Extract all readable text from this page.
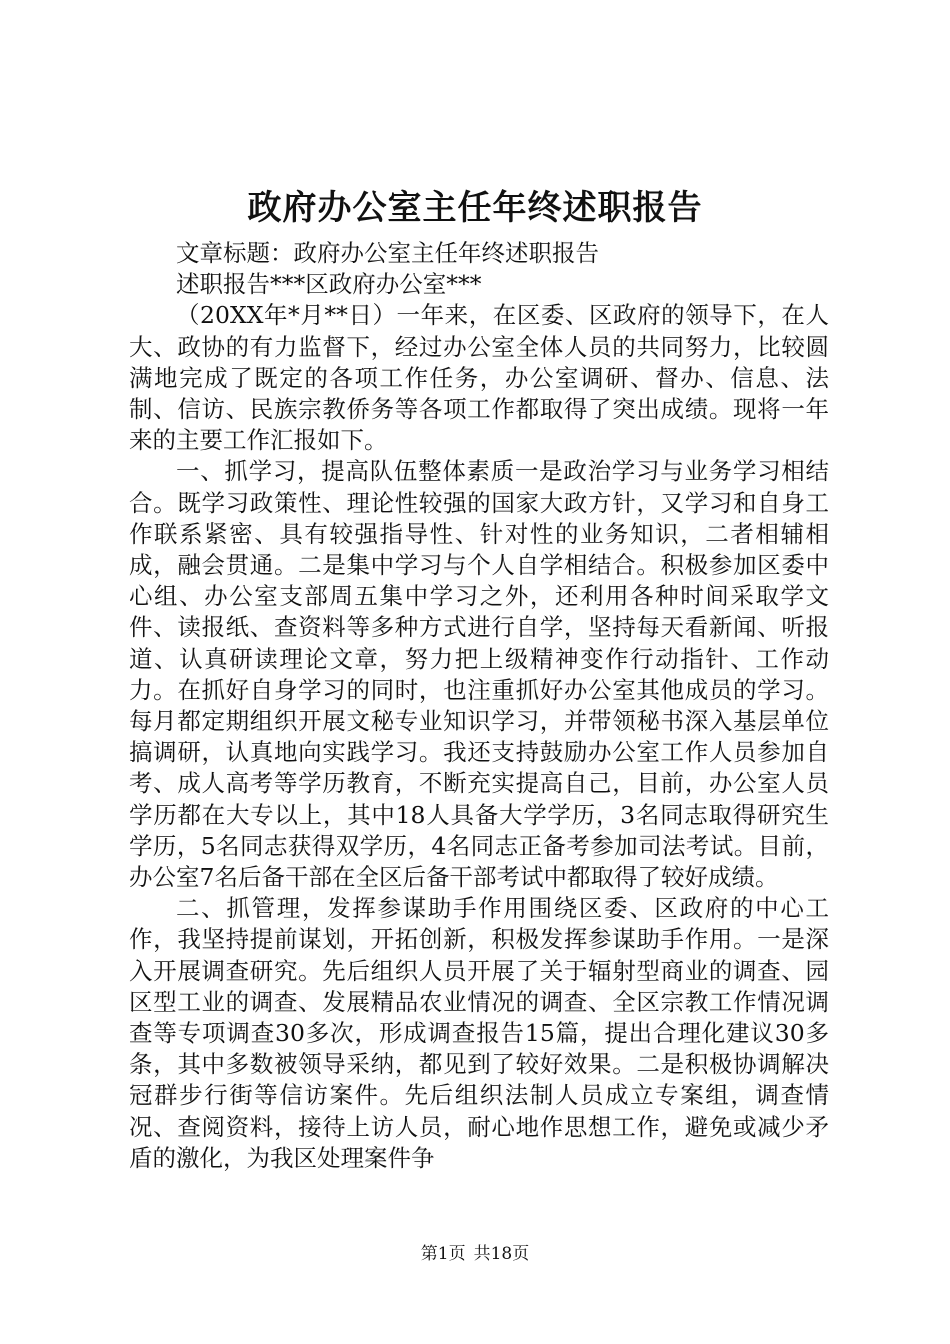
政府办公室主任年终述职报告

文章标题：政府办公室主任年终述职报告

述职报告***区政府办公室***

（20XX年*月**日）一年来，在区委、区政府的领导下，在人大、政协的有力监督下，经过办公室全体人员的共同努力，比较圆满地完成了既定的各项工作任务，办公室调研、督办、信息、法制、信访、民族宗教侨务等各项工作都取得了突出成绩。现将一年来的主要工作汇报如下。

一、抓学习，提高队伍整体素质一是政治学习与业务学习相结合。既学习政策性、理论性较强的国家大政方针，又学习和自身工作联系紧密、具有较强指导性、针对性的业务知识，二者相辅相成，融会贯通。二是集中学习与个人自学相结合。积极参加区委中心组、办公室支部周五集中学习之外，还利用各种时间采取学文件、读报纸、查资料等多种方式进行自学，坚持每天看新闻、听报道、认真研读理论文章，努力把上级精神变作行动指针、工作动力。在抓好自身学习的同时，也注重抓好办公室其他成员的学习。每月都定期组织开展文秘专业知识学习，并带领秘书深入基层单位搞调研，认真地向实践学习。我还支持鼓励办公室工作人员参加自考、成人高考等学历教育，不断充实提高自己，目前，办公室人员学历都在大专以上，其中18人具备大学学历，3名同志取得研究生学历，5名同志获得双学历，4名同志正备考参加司法考试。目前，办公室7名后备干部在全区后备干部考试中都取得了较好成绩。

二、抓管理，发挥参谋助手作用围绕区委、区政府的中心工作，我坚持提前谋划，开拓创新，积极发挥参谋助手作用。一是深入开展调查研究。先后组织人员开展了关于辐射型商业的调查、园区型工业的调查、发展精品农业情况的调查、全区宗教工作情况调查等专项调查30多次，形成调查报告15篇，提出合理化建议30多条，其中多数被领导采纳，都见到了较好效果。二是积极协调解决冠群步行街等信访案件。先后组织法制人员成立专案组，调查情况、查阅资料，接待上访人员，耐心地作思想工作，避免或减少矛盾的激化，为我区处理案件争

第1页 共18页
